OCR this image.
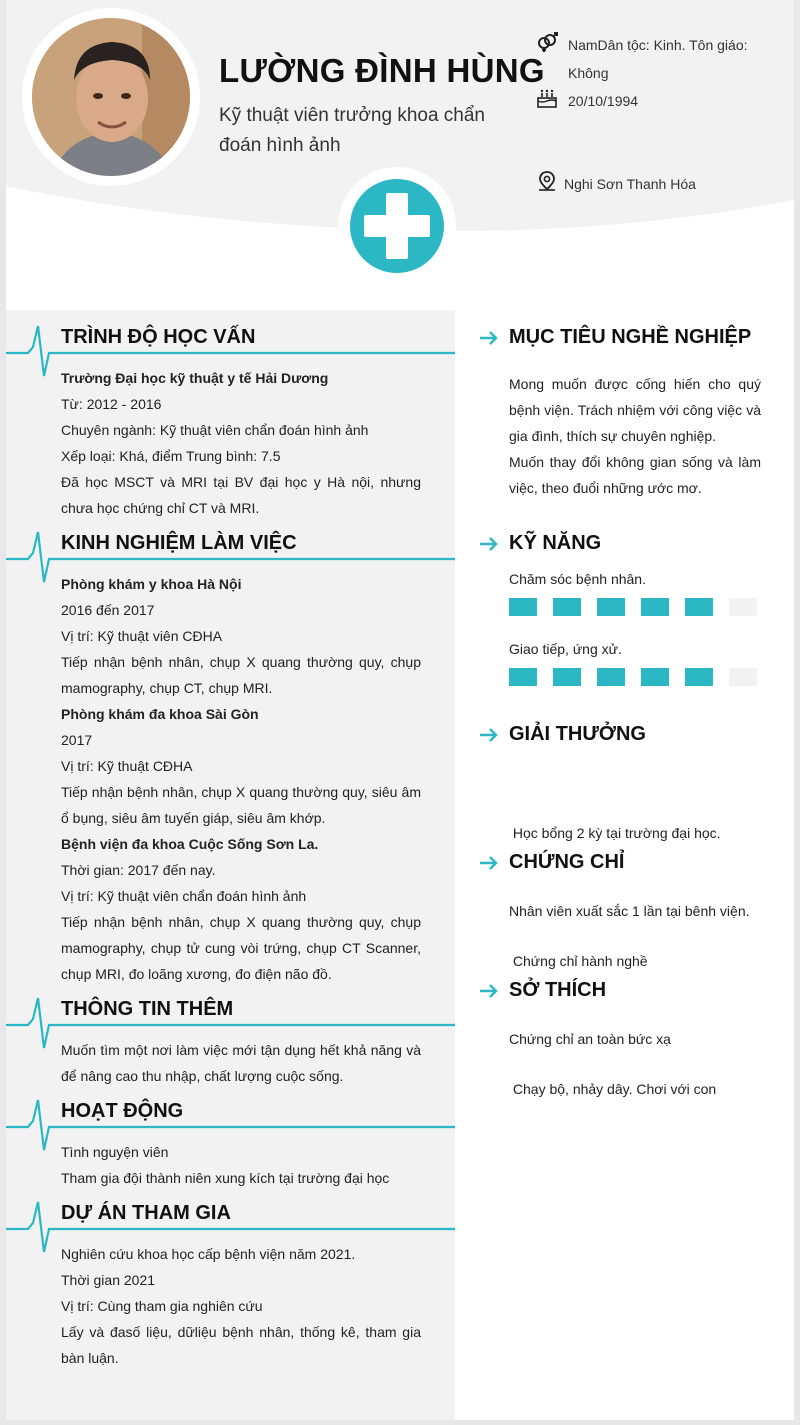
LƯỜNG ĐÌNH HÙNG
Kỹ thuật viên trưởng khoa chẩn đoán hình ảnh
NamDân tộc: Kinh. Tôn giáo: Không
20/10/1994
Nghi Sơn Thanh Hóa
TRÌNH ĐỘ HỌC VẤN
Trường Đại học kỹ thuật y tế Hải Dương
Từ: 2012 - 2016
Chuyên ngành: Kỹ thuật viên chẩn đoán hình ảnh
Xếp loại: Khá, điểm Trung bình: 7.5
Đã học MSCT và MRI tại BV đại học y Hà nội, nhưng chưa học chứng chỉ CT và MRI.
KINH NGHIỆM LÀM VIỆC
Phòng khám y khoa Hà Nội
2016 đến 2017
Vị trí: Kỹ thuật viên CĐHA
Tiếp nhận bệnh nhân, chụp X quang thường quy, chụp mamography, chụp CT, chụp MRI.
Phòng khám đa khoa Sài Gòn
2017
Vị trí: Kỹ thuật CĐHA
Tiếp nhận bệnh nhân, chụp X quang thường quy, siêu âm ổ bụng, siêu âm tuyến giáp, siêu âm khớp.
Bệnh viện đa khoa Cuộc Sống Sơn La.
Thời gian: 2017 đến nay.
Vị trí: Kỹ thuật viên chẩn đoán hình ảnh
Tiếp nhận bệnh nhân, chụp X quang thường quy, chụp mamography, chụp tử cung vòi trứng, chụp CT Scanner, chụp MRI, đo loãng xương, đo điện não đồ.
THÔNG TIN THÊM
Muốn tìm một nơi làm việc mới tận dụng hết khả năng và để nâng cao thu nhập, chất lượng cuộc sống.
HOẠT ĐỘNG
Tình nguyện viên
Tham gia đội thành niên xung kích tại trường đại học
DỰ ÁN THAM GIA
Nghiên cứu khoa học cấp bệnh viện năm 2021.
Thời gian 2021
Vị trí: Cùng tham gia nghiên cứu
Lấy và đasố liệu, dữliệu bệnh nhân, thống kê, tham gia bàn luận.
MỤC TIÊU NGHỀ NGHIỆP
Mong muốn được cống hiến cho quý bệnh viện. Trách nhiệm với công việc và gia đình, thích sự chuyên nghiệp.
Muốn thay đổi không gian sống và làm việc, theo đuổi những ước mơ.
KỸ NĂNG
Chăm sóc bệnh nhân.
Giao tiếp, ứng xử.
GIẢI THƯỞNG

Học bổng 2 kỳ tại trường đại học.

Nhân viên xuất sắc 1 lần tại bênh viện.

CHỨNG CHỈ

Chứng chỉ hành nghề

Chứng chỉ an toàn bức xạ

SỞ THÍCH

Chạy bộ, nhảy dây. Chơi với con
